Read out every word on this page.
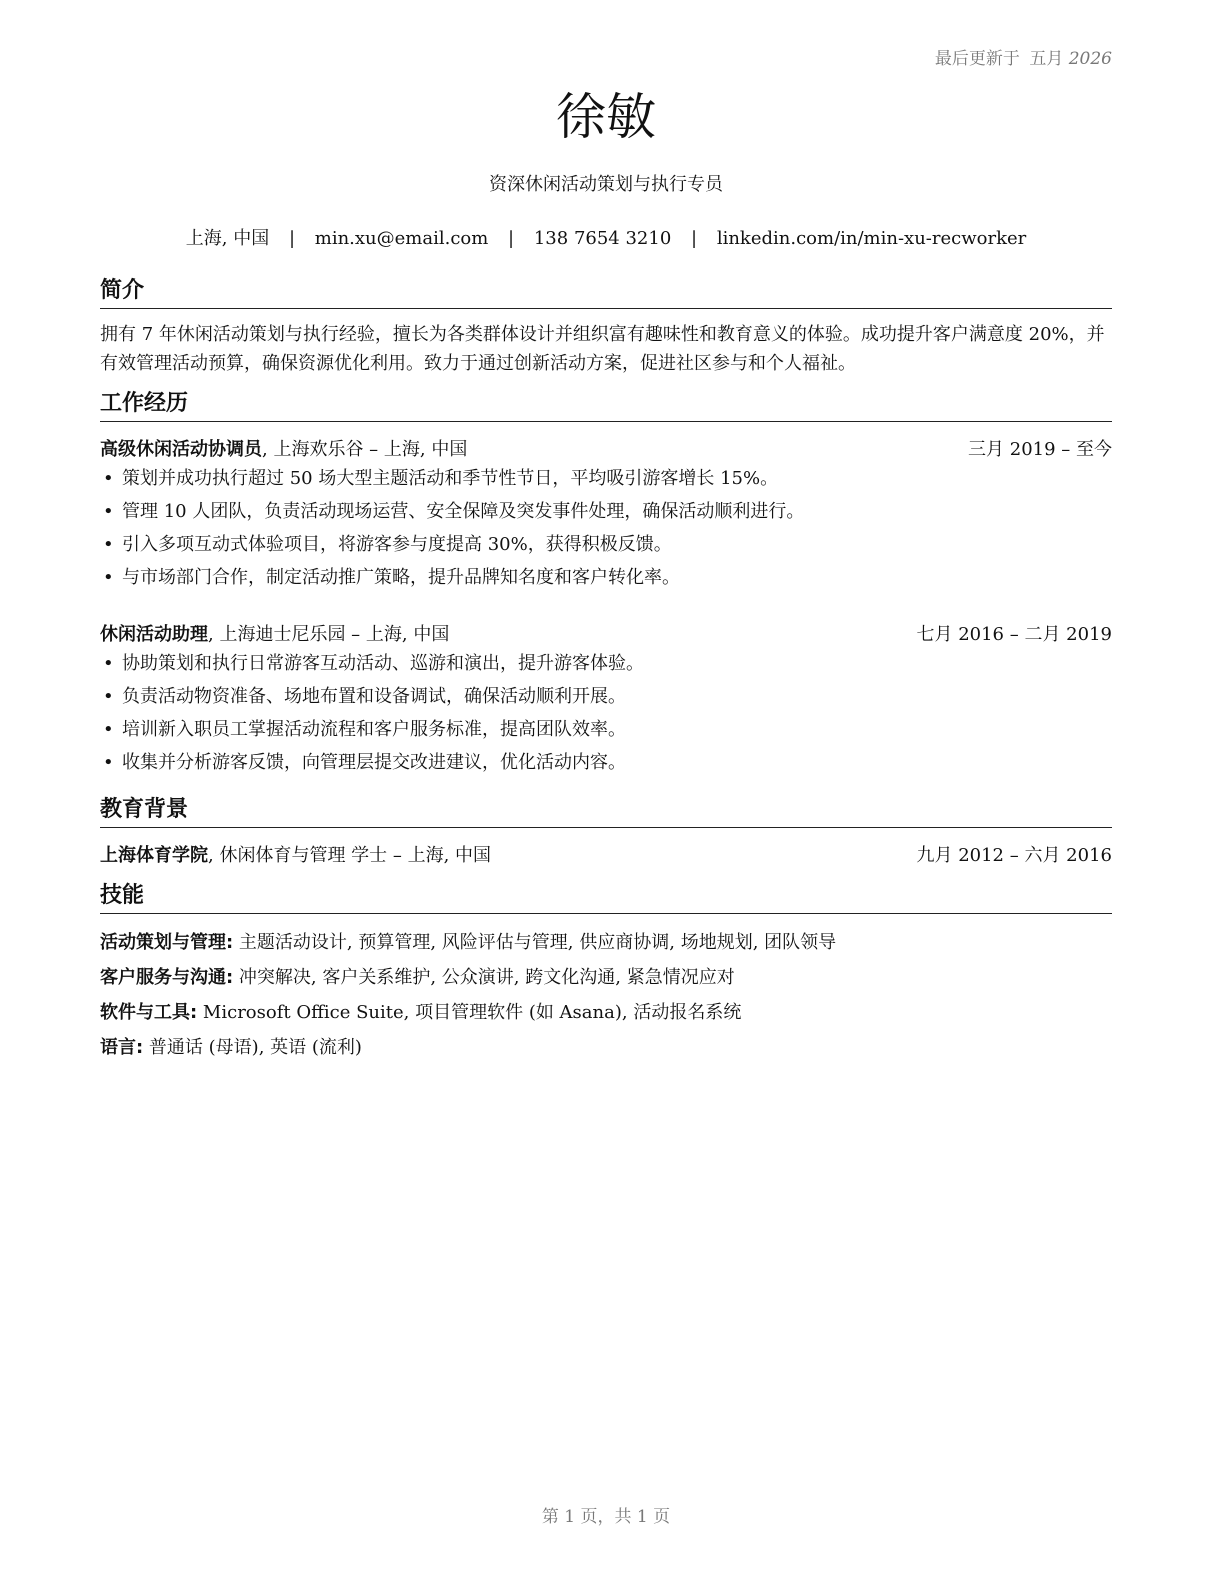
最后更新于 五月 2026
徐敏
资深休闲活动策划与执行专员
上海, 中国 | min.xu@email.com | 138 7654 3210 | linkedin.com/in/min-xu-recworker
简介
拥有 7 年休闲活动策划与执行经验，擅长为各类群体设计并组织富有趣味性和教育意义的体验。成功提升客户满意度 20%，并有效管理活动预算，确保资源优化利用。致力于通过创新活动方案，促进社区参与和个人福祉。
工作经历
高级休闲活动协调员, 上海欢乐谷 – 上海, 中国	三月 2019 – 至今
• 策划并成功执行超过 50 场大型主题活动和季节性节日，平均吸引游客增长 15%。
• 管理 10 人团队，负责活动现场运营、安全保障及突发事件处理，确保活动顺利进行。
• 引入多项互动式体验项目，将游客参与度提高 30%，获得积极反馈。
• 与市场部门合作，制定活动推广策略，提升品牌知名度和客户转化率。
休闲活动助理, 上海迪士尼乐园 – 上海, 中国	七月 2016 – 二月 2019
• 协助策划和执行日常游客互动活动、巡游和演出，提升游客体验。
• 负责活动物资准备、场地布置和设备调试，确保活动顺利开展。
• 培训新入职员工掌握活动流程和客户服务标准，提高团队效率。
• 收集并分析游客反馈，向管理层提交改进建议，优化活动内容。
教育背景
上海体育学院, 休闲体育与管理 学士 – 上海, 中国	九月 2012 – 六月 2016
技能
活动策划与管理: 主题活动设计, 预算管理, 风险评估与管理, 供应商协调, 场地规划, 团队领导
客户服务与沟通: 冲突解决, 客户关系维护, 公众演讲, 跨文化沟通, 紧急情况应对
软件与工具: Microsoft Office Suite, 项目管理软件 (如 Asana), 活动报名系统
语言: 普通话 (母语), 英语 (流利)
第 1 页，共 1 页
